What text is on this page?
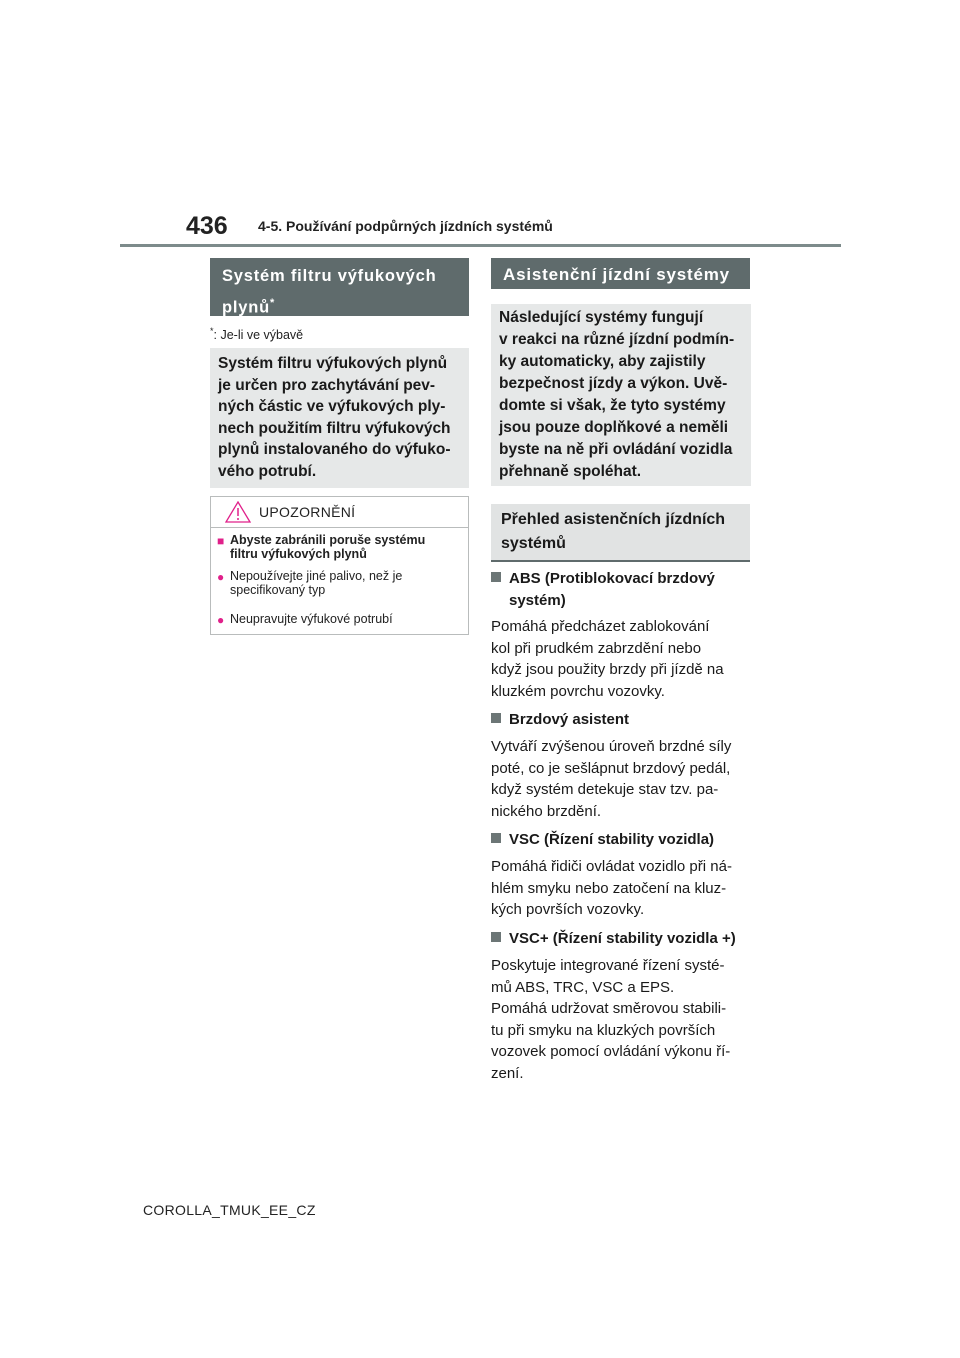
436 4-5. Používání podpůrných jízdních systémů
Systém filtru výfukových
plynů*
*: Je-li ve výbavě
Systém filtru výfukových plynů
je určen pro zachytávání pev-
ných částic ve výfukových ply-
nech použitím filtru výfukových
plynů instalovaného do výfuko-
vého potrubí.
UPOZORNĚNÍ
■ Abyste zabránili poruše systému
filtru výfukových plynů
● Nepoužívejte jiné palivo, než je
specifikovaný typ
● Neupravujte výfukové potrubí
Asistenční jízdní systémy
Následující systémy fungují
v reakci na různé jízdní podmín-
ky automaticky, aby zajistily
bezpečnost jízdy a výkon. Uvě-
domte si však, že tyto systémy
jsou pouze doplňkové a neměli
byste na ně při ovládání vozidla
přehnaně spoléhat.
Přehled asistenčních jízdních
systémů
ABS (Protiblokovací brzdový
systém)
Pomáhá předcházet zablokování
kol při prudkém zabrzdění nebo
když jsou použity brzdy při jízdě na
kluzkém povrchu vozovky.
Brzdový asistent
Vytváří zvýšenou úroveň brzdné síly
poté, co je sešlápnut brzdový pedál,
když systém detekuje stav tzv. pa-
nického brzdění.
VSC (Řízení stability vozidla)
Pomáhá řidiči ovládat vozidlo při ná-
hlém smyku nebo zatočení na kluz-
kých površích vozovky.
VSC+ (Řízení stability vozidla +)
Poskytuje integrované řízení systé-
mů ABS, TRC, VSC a EPS.
Pomáhá udržovat směrovou stabili-
tu při smyku na kluzkých površích
vozovek pomocí ovládání výkonu ří-
zení.
COROLLA_TMUK_EE_CZ
